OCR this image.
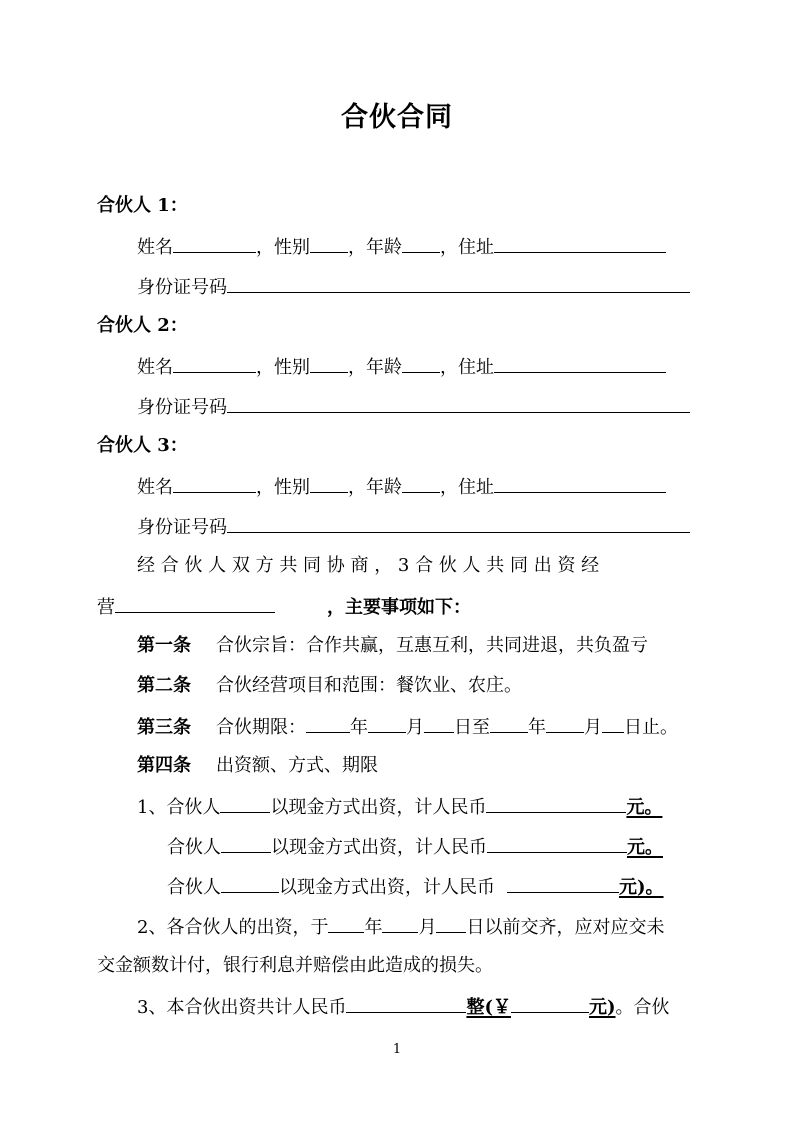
合伙合同
合伙人 1：
姓名	，性别 ，年龄 ，住址
身份证号码
合伙人 2：
姓名	，性别 ，年龄 ，住址
身份证号码
合伙人 3：
姓名	，性别 ，年龄 ，住址
身份证号码
经 合 伙 人 双 方 共 同 协 商 ， 3 合 伙 人 共 同 出 资 经
营	，主要事项如下：
第一条 合伙宗旨：合作共赢，互惠互利，共同进退，共负盈亏
第二条 合伙经营项目和范围：餐饮业、农庄。
第三条 合伙期限： 年 月 日至 年 月 日止。
第四条 出资额、方式、期限
1、合伙人	以现金方式出资，计人民币	元。
合伙人	以现金方式出资，计人民币	元。
合伙人	以现金方式出资，计人民币	元)。
2、各合伙人的出资，于 年 月 日以前交齐，应对应交未
交金额数计付，银行利息并赔偿由此造成的损失。
3、本合伙出资共计人民币	整(￥	元)。合伙
1
